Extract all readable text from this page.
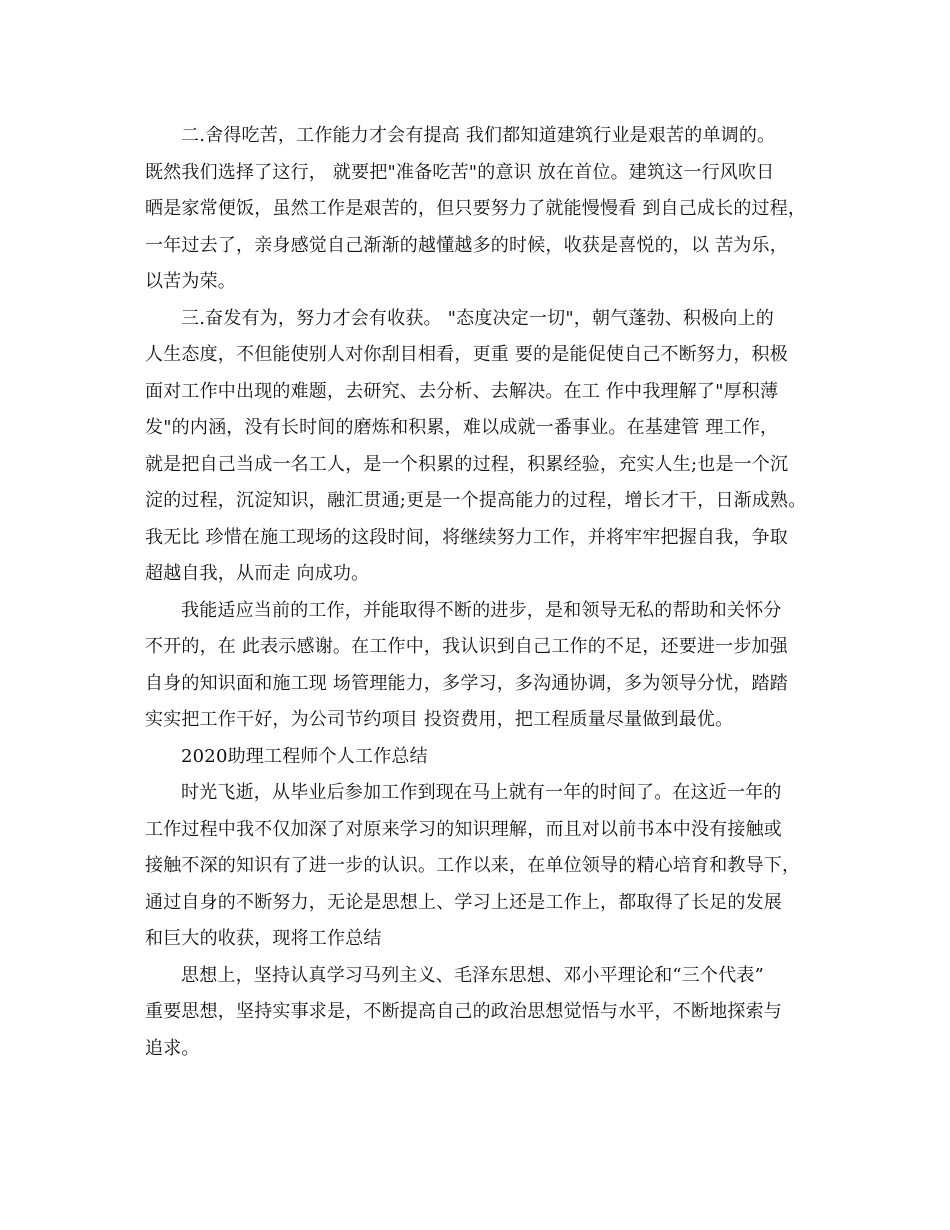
二.舍得吃苦，工作能力才会有提高 我们都知道建筑行业是艰苦的单调的。
既然我们选择了这行， 就要把"准备吃苦"的意识 放在首位。建筑这一行风吹日
晒是家常便饭，虽然工作是艰苦的，但只要努力了就能慢慢看 到自己成长的过程，
一年过去了，亲身感觉自己渐渐的越懂越多的时候，收获是喜悦的，以 苦为乐，
以苦为荣。
三.奋发有为，努力才会有收获。 "态度决定一切"，朝气蓬勃、积极向上的
人生态度，不但能使别人对你刮目相看，更重 要的是能促使自己不断努力，积极
面对工作中出现的难题，去研究、去分析、去解决。在工 作中我理解了"厚积薄
发"的内涵，没有长时间的磨炼和积累，难以成就一番事业。在基建管 理工作，
就是把自己当成一名工人，是一个积累的过程，积累经验，充实人生;也是一个沉
淀的过程，沉淀知识，融汇贯通;更是一个提高能力的过程，增长才干，日渐成熟。
我无比 珍惜在施工现场的这段时间，将继续努力工作，并将牢牢把握自我，争取
超越自我，从而走 向成功。
我能适应当前的工作，并能取得不断的进步，是和领导无私的帮助和关怀分
不开的，在 此表示感谢。在工作中，我认识到自己工作的不足，还要进一步加强
自身的知识面和施工现 场管理能力，多学习，多沟通协调，多为领导分忧，踏踏
实实把工作干好，为公司节约项目 投资费用，把工程质量尽量做到最优。
2020助理工程师个人工作总结
时光飞逝，从毕业后参加工作到现在马上就有一年的时间了。在这近一年的
工作过程中我不仅加深了对原来学习的知识理解，而且对以前书本中没有接触或
接触不深的知识有了进一步的认识。工作以来，在单位领导的精心培育和教导下，
通过自身的不断努力，无论是思想上、学习上还是工作上，都取得了长足的发展
和巨大的收获，现将工作总结
思想上，坚持认真学习马列主义、毛泽东思想、邓小平理论和“三个代表”
重要思想，坚持实事求是，不断提高自己的政治思想觉悟与水平，不断地探索与
追求。
